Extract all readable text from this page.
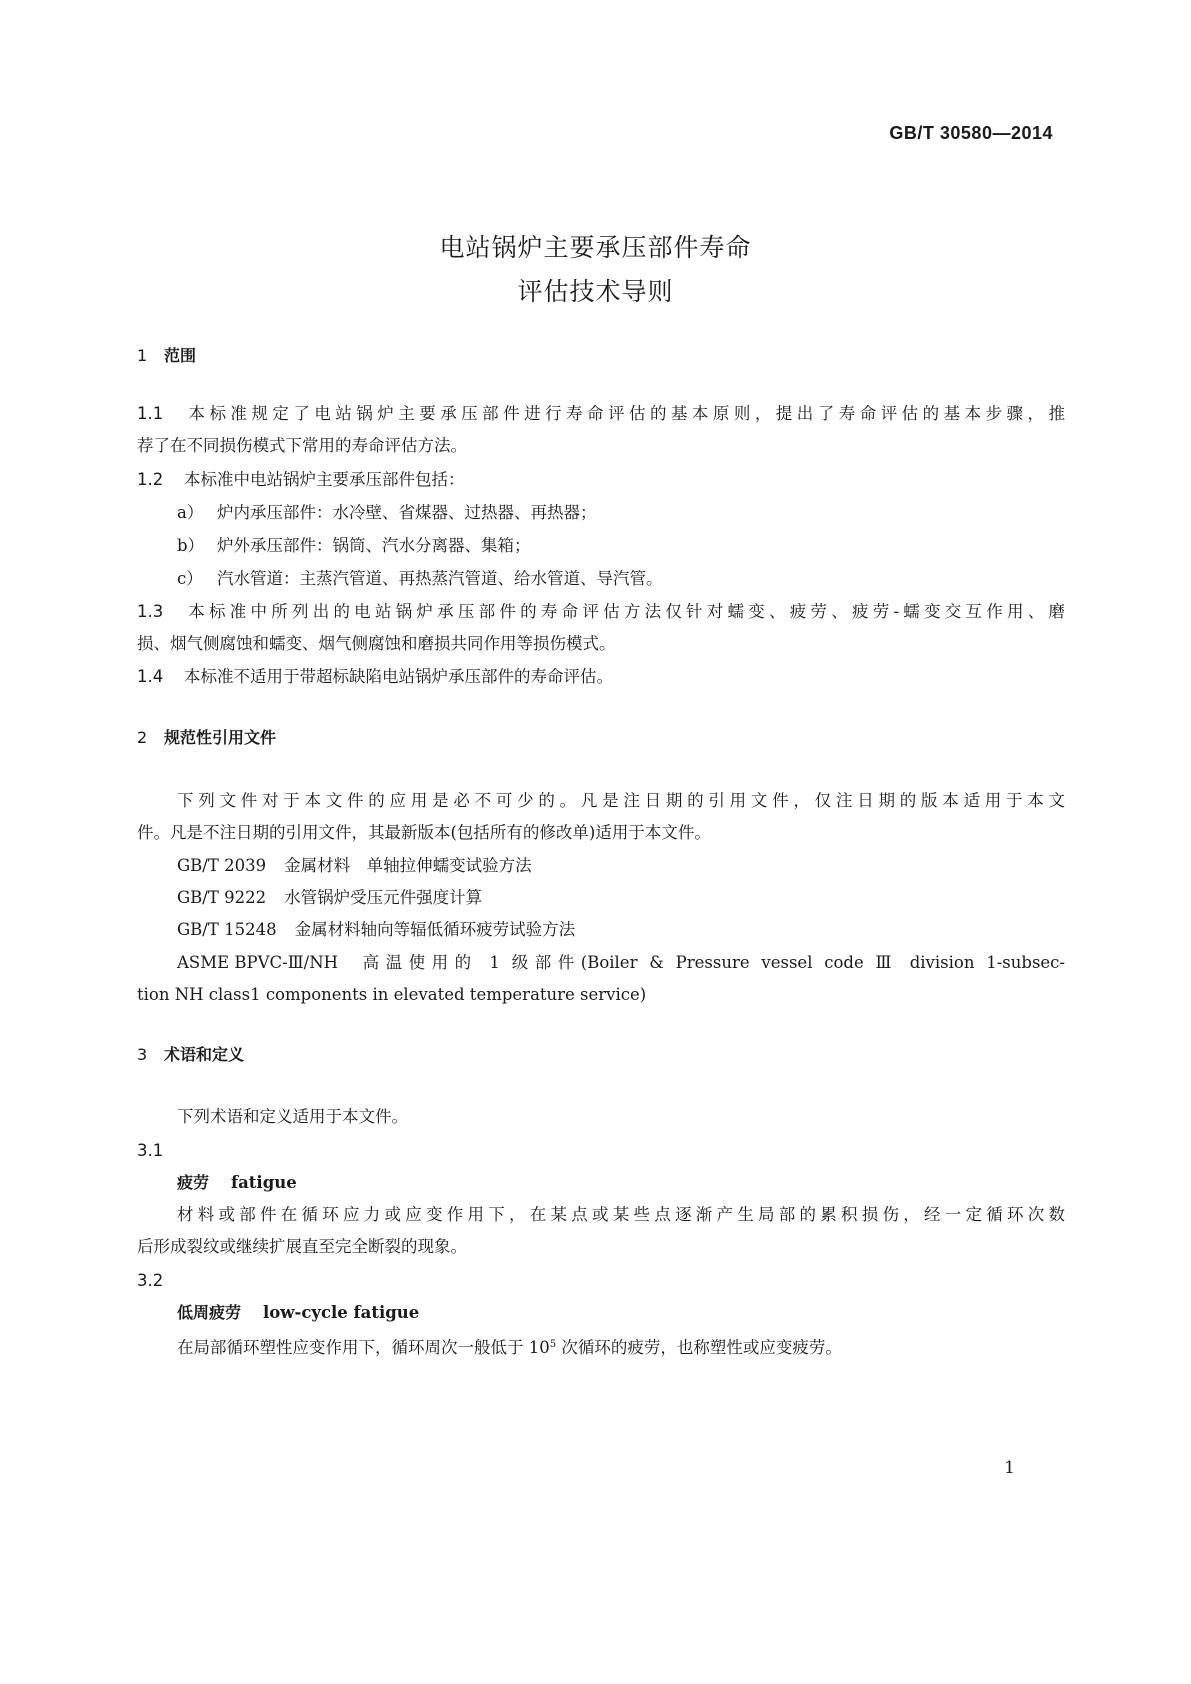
GB/T 30580—2014
电站锅炉主要承压部件寿命
评估技术导则
1 范围
1.1 本标准规定了电站锅炉主要承压部件进行寿命评估的基本原则，提出了寿命评估的基本步骤，推
荐了在不同损伤模式下常用的寿命评估方法。
1.2 本标准中电站锅炉主要承压部件包括：
a） 炉内承压部件：水冷壁、省煤器、过热器、再热器；
b） 炉外承压部件：锅筒、汽水分离器、集箱；
c） 汽水管道：主蒸汽管道、再热蒸汽管道、给水管道、导汽管。
1.3 本标准中所列出的电站锅炉承压部件的寿命评估方法仅针对蠕变、疲劳、疲劳-蠕变交互作用、磨
损、烟气侧腐蚀和蠕变、烟气侧腐蚀和磨损共同作用等损伤模式。
1.4 本标准不适用于带超标缺陷电站锅炉承压部件的寿命评估。
2 规范性引用文件
下列文件对于本文件的应用是必不可少的。凡是注日期的引用文件，仅注日期的版本适用于本文
件。凡是不注日期的引用文件，其最新版本(包括所有的修改单)适用于本文件。
GB/T 2039 金属材料　单轴拉伸蠕变试验方法
GB/T 9222 水管锅炉受压元件强度计算
GB/T 15248 金属材料轴向等辐低循环疲劳试验方法
ASME BPVC-Ⅲ/NH 高温使用的 1 级部件(Boiler & Pressure vessel code Ⅲ division 1-subsec-
tion NH class1 components in elevated temperature service)
3 术语和定义
下列术语和定义适用于本文件。
3.1
疲劳 fatigue
材料或部件在循环应力或应变作用下，在某点或某些点逐渐产生局部的累积损伤，经一定循环次数
后形成裂纹或继续扩展直至完全断裂的现象。
3.2
低周疲劳 low-cycle fatigue
在局部循环塑性应变作用下，循环周次一般低于 $10^5$ 次循环的疲劳，也称塑性或应变疲劳。
1
